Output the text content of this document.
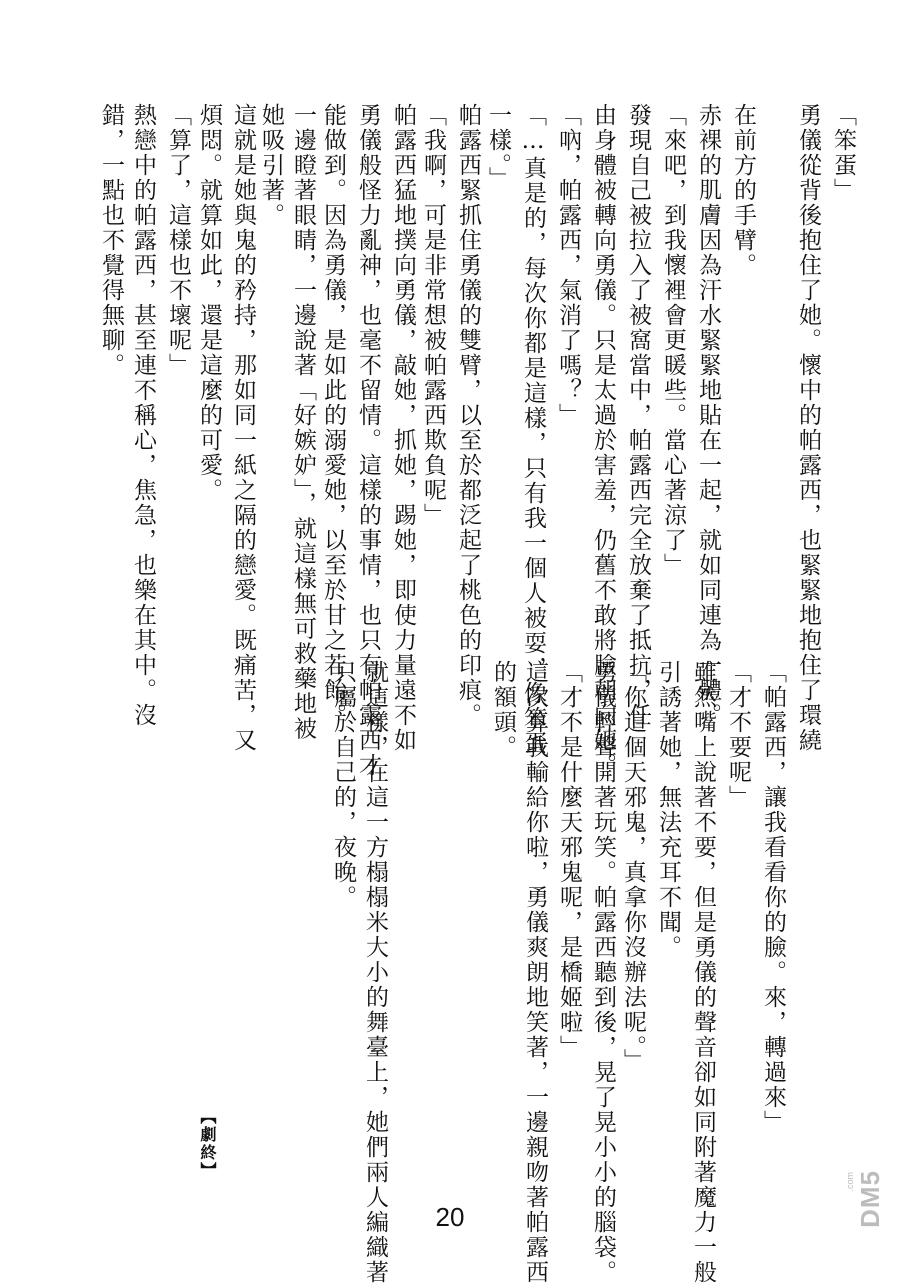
「笨蛋」
勇儀從背後抱住了她。懷中的帕露西，也緊緊地抱住了環繞
在前方的手臂。
赤裸的肌膚因為汗水緊緊地貼在一起，就如同連為一體。
「來吧，到我懷裡會更暖些。當心著涼了」
發現自己被拉入了被窩當中，帕露西完全放棄了抵抗，任
由身體被轉向勇儀。只是太過於害羞，仍舊不敢將臉朝向她。
「吶，帕露西，氣消了嗎？」
「…真是的，每次你都是這樣，只有我一個人被耍，像笨蛋
一樣。」
帕露西緊抓住勇儀的雙臂，以至於都泛起了桃色的印痕。
「我啊，可是非常想被帕露西欺負呢」
帕露西猛地撲向勇儀，敲她，抓她，踢她，即使力量遠不如
勇儀般怪力亂神，也毫不留情。這樣的事情，也只有帕露西才
能做到。因為勇儀，是如此的溺愛她，以至於甘之若飴。
一邊瞪著眼睛，一邊說著「好嫉妒」，就這樣無可救藥地被
她吸引著。
這就是她與鬼的矜持，那如同一紙之隔的戀愛。既痛苦，又
煩悶。就算如此，還是這麼的可愛。
「算了，這樣也不壞呢」
熱戀中的帕露西，甚至連不稱心，焦急，也樂在其中。沒
錯，一點也不覺得無聊。
「帕露西，讓我看看你的臉。來，轉過來」
「才不要呢」
雖然嘴上說著不要，但是勇儀的聲音卻如同附著魔力一般
引誘著她，無法充耳不聞。
「你這個天邪鬼，真拿你沒辦法呢。」
勇儀輕聲開著玩笑。帕露西聽到後，晃了晃小小的腦袋。
「才不是什麼天邪鬼呢，是橋姬啦」
這次算我輸給你啦，勇儀爽朗地笑著，一邊親吻著帕露西
的額頭。
就這樣，在這一方榻榻米大小的舞臺上，她們兩人編織著
只屬於自己的，夜晚。
【劇終】
20	DM5
.com
